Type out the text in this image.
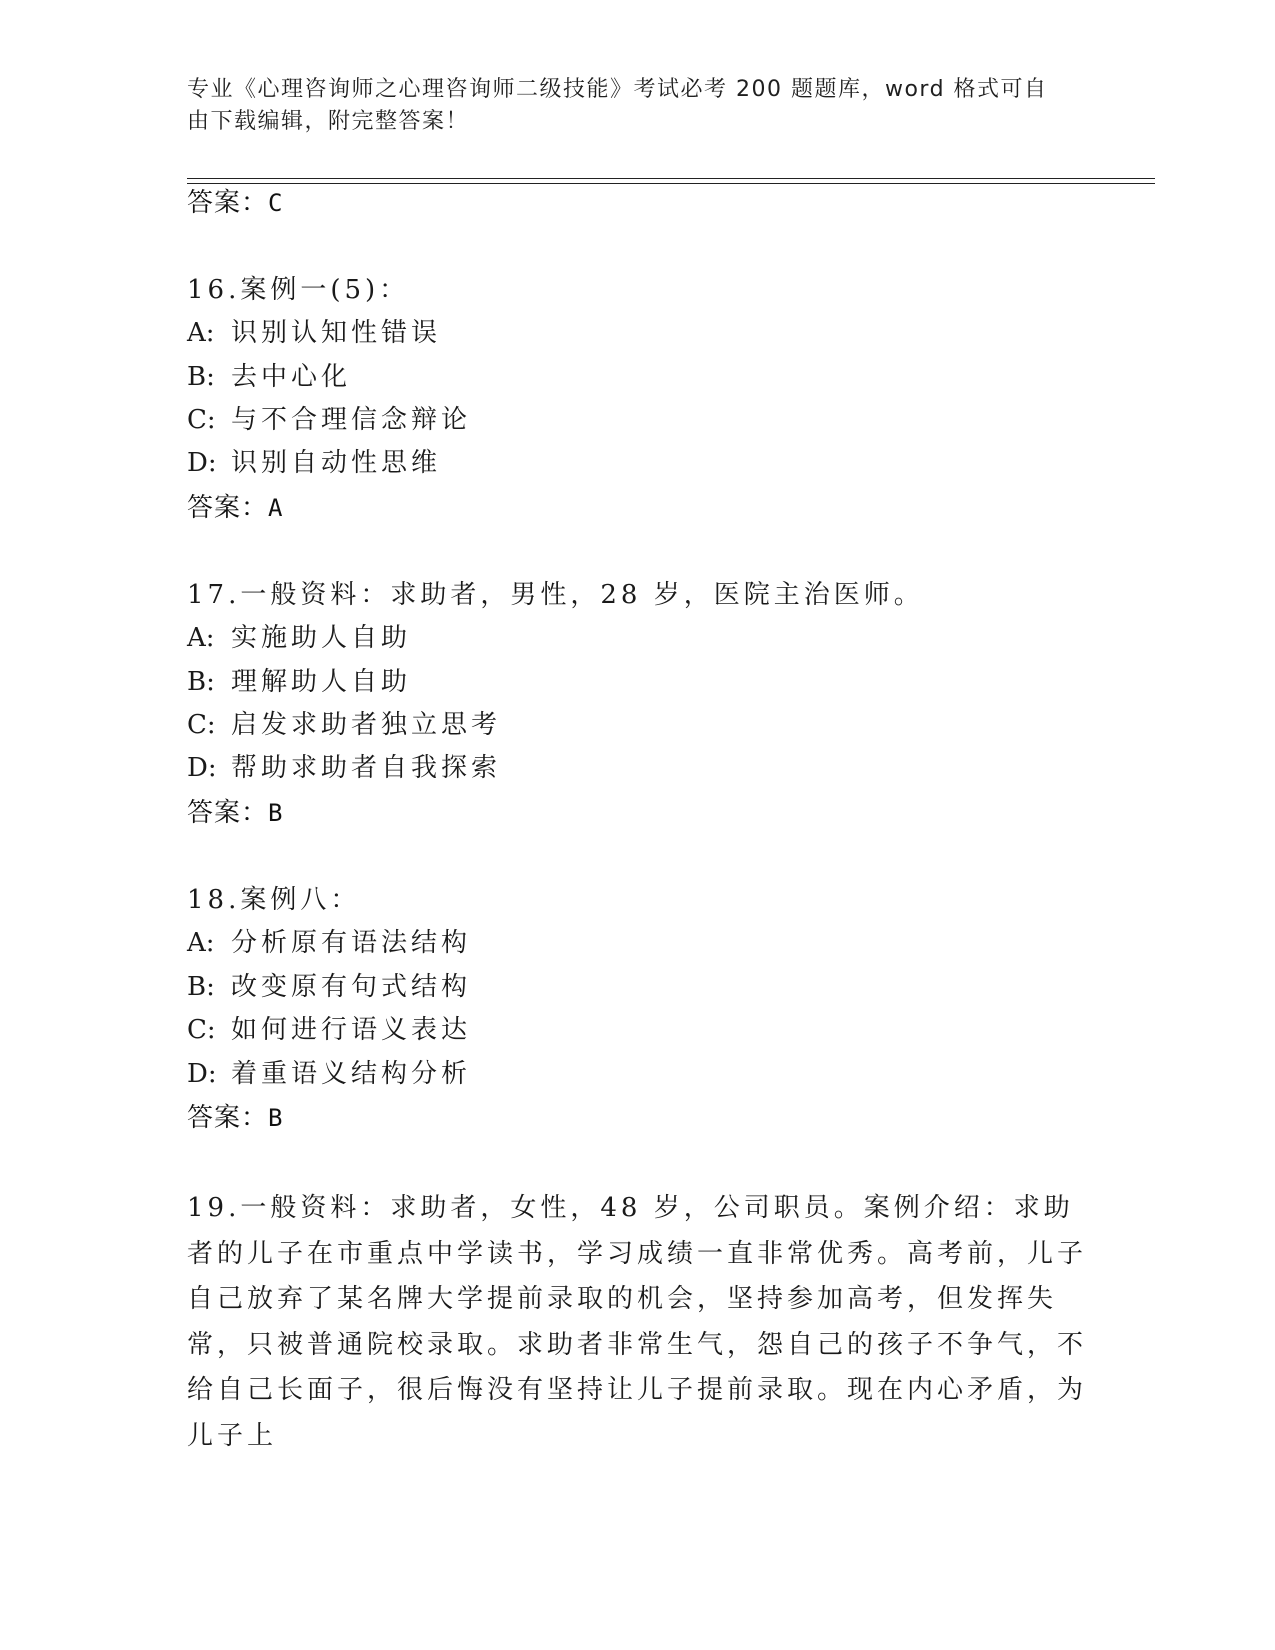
专业《心理咨询师之心理咨询师二级技能》考试必考 200 题题库，word 格式可自由下载编辑，附完整答案！
答案：C
16.案例一(5)：
A: 识别认知性错误
B: 去中心化
C: 与不合理信念辩论
D: 识别自动性思维
答案：A
17.一般资料：求助者，男性，28 岁，医院主治医师。
A: 实施助人自助
B: 理解助人自助
C: 启发求助者独立思考
D: 帮助求助者自我探索
答案：B
18.案例八：
A: 分析原有语法结构
B: 改变原有句式结构
C: 如何进行语义表达
D: 着重语义结构分析
答案：B
19.一般资料：求助者，女性，48 岁，公司职员。案例介绍：求助者的儿子在市重点中学读书，学习成绩一直非常优秀。高考前，儿子自己放弃了某名牌大学提前录取的机会，坚持参加高考，但发挥失常，只被普通院校录取。求助者非常生气，怨自己的孩子不争气，不给自己长面子，很后悔没有坚持让儿子提前录取。现在内心矛盾，为儿子上
